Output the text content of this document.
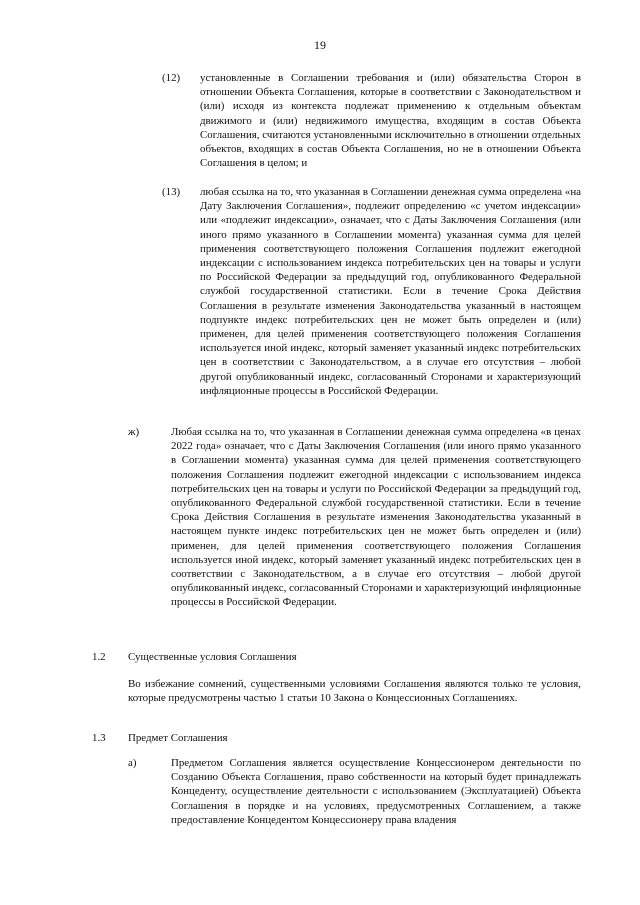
19
(12) установленные в Соглашении требования и (или) обязательства Сторон в отношении Объекта Соглашения, которые в соответствии с Законодательством и (или) исходя из контекста подлежат применению к отдельным объектам движимого и (или) недвижимого имущества, входящим в состав Объекта Соглашения, считаются установленными исключительно в отношении отдельных объектов, входящих в состав Объекта Соглашения, но не в отношении Объекта Соглашения в целом; и
(13) любая ссылка на то, что указанная в Соглашении денежная сумма определена «на Дату Заключения Соглашения», подлежит определению «с учетом индексации» или «подлежит индексации», означает, что с Даты Заключения Соглашения (или иного прямо указанного в Соглашении момента) указанная сумма для целей применения соответствующего положения Соглашения подлежит ежегодной индексации с использованием индекса потребительских цен на товары и услуги по Российской Федерации за предыдущий год, опубликованного Федеральной службой государственной статистики. Если в течение Срока Действия Соглашения в результате изменения Законодательства указанный в настоящем подпункте индекс потребительских цен не может быть определен и (или) применен, для целей применения соответствующего положения Соглашения используется иной индекс, который заменяет указанный индекс потребительских цен в соответствии с Законодательством, а в случае его отсутствия – любой другой опубликованный индекс, согласованный Сторонами и характеризующий инфляционные процессы в Российской Федерации.
ж)	Любая ссылка на то, что указанная в Соглашении денежная сумма определена «в ценах 2022 года» означает, что с Даты Заключения Соглашения (или иного прямо указанного в Соглашении момента) указанная сумма для целей применения соответствующего положения Соглашения подлежит ежегодной индексации с использованием индекса потребительских цен на товары и услуги по Российской Федерации за предыдущий год, опубликованного Федеральной службой государственной статистики. Если в течение Срока Действия Соглашения в результате изменения Законодательства указанный в настоящем пункте индекс потребительских цен не может быть определен и (или) применен, для целей применения соответствующего положения Соглашения используется иной индекс, который заменяет указанный индекс потребительских цен в соответствии с Законодательством, а в случае его отсутствия – любой другой опубликованный индекс, согласованный Сторонами и характеризующий инфляционные процессы в Российской Федерации.
1.2 Существенные условия Соглашения
Во избежание сомнений, существенными условиями Соглашения являются только те условия, которые предусмотрены частью 1 статьи 10 Закона о Концессионных Соглашениях.
1.3 Предмет Соглашения
а)	Предметом Соглашения является осуществление Концессионером деятельности по Созданию Объекта Соглашения, право собственности на который будет принадлежать Концеденту, осуществление деятельности с использованием (Эксплуатацией) Объекта Соглашения в порядке и на условиях, предусмотренных Соглашением, а также предоставление Концедентом Концессионеру права владения
